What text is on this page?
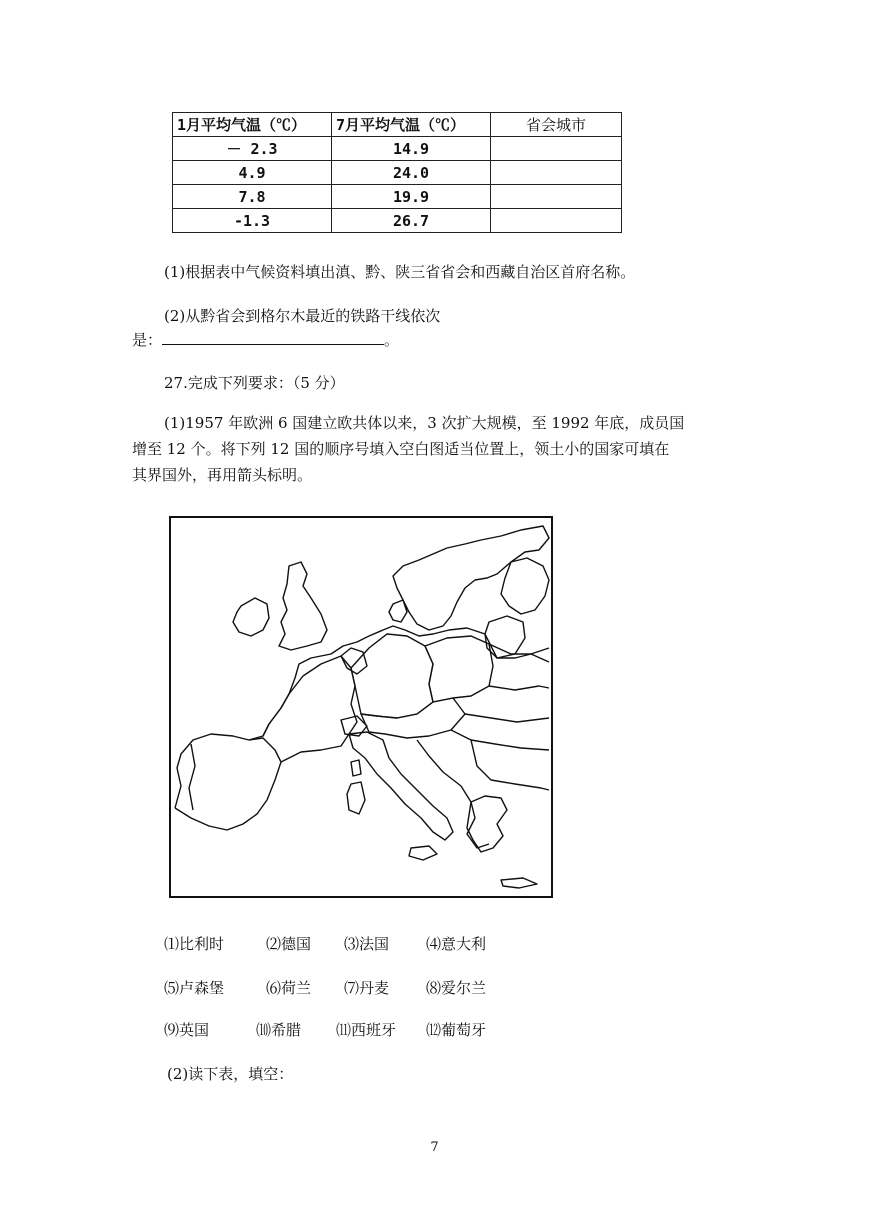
1月平均气温（℃）	7月平均气温（℃）	省会城市
－ 2.3	14.9	
4.9	24.0	
7.8	19.9	
-1.3	26.7	
(1)根据表中气候资料填出滇、黔、陕三省省会和西藏自治区首府名称。
(2)从黔省会到格尔木最近的铁路干线依次
是：	。
27.完成下列要求：（5 分）
(1)1957 年欧洲 6 国建立欧共体以来，3 次扩大规模，至 1992 年底，成员国
增至 12 个。将下列 12 国的顺序号填入空白图适当位置上，领土小的国家可填在
其界国外，再用箭头标明。
⑴比利时	⑵德国 ⑶法国 ⑷意大利
⑸卢森堡	⑹荷兰 ⑺丹麦 ⑻爱尔兰
⑼英国	⑽希腊 ⑾西班牙 ⑿葡萄牙
(2)读下表，填空：
7
